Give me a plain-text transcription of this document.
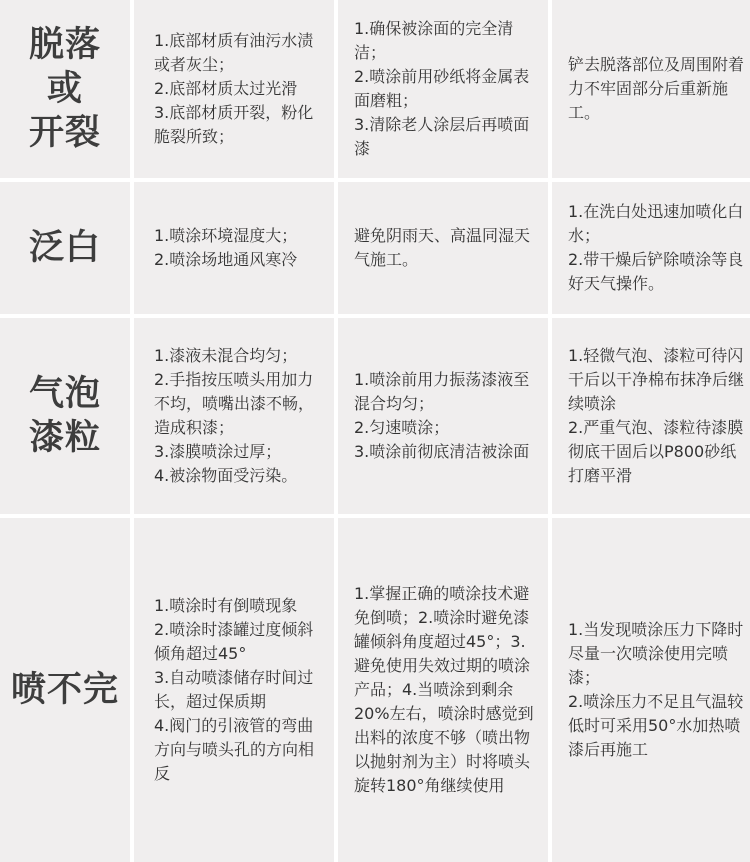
脱落
或
开裂
1.底部材质有油污水渍或者灰尘；
2.底部材质太过光滑
3.底部材质开裂，粉化脆裂所致；
1.确保被涂面的完全清洁；
2.喷涂前用砂纸将金属表面磨粗；
3.清除老人涂层后再喷面漆
铲去脱落部位及周围附着力不牢固部分后重新施工。
泛白	1.喷涂环境湿度大；
2.喷涂场地通风寒冷
避免阴雨天、高温同湿天气施工。
1.在洗白处迅速加喷化白水；
2.带干燥后铲除喷涂等良好天气操作。
气泡
漆粒
1.漆液未混合均匀；
2.手指按压喷头用加力不均，喷嘴出漆不畅，造成积漆；
3.漆膜喷涂过厚；
4.被涂物面受污染。
1.喷涂前用力振荡漆液至混合均匀；
2.匀速喷涂；
3.喷涂前彻底清洁被涂面
1.轻微气泡、漆粒可待闪干后以干净棉布抹净后继续喷涂
2.严重气泡、漆粒待漆膜彻底干固后以P800砂纸打磨平滑
喷不完
1.喷涂时有倒喷现象
2.喷涂时漆罐过度倾斜倾角超过45°
3.自动喷漆储存时间过长，超过保质期
4.阀门的引液管的弯曲方向与喷头孔的方向相反
1.掌握正确的喷涂技术避免倒喷；2.喷涂时避免漆罐倾斜角度超过45°；3.避免使用失效过期的喷涂产品；4.当喷涂到剩余20%左右，喷涂时感觉到出料的浓度不够（喷出物以抛射剂为主）时将喷头旋转180°角继续使用
1.当发现喷涂压力下降时尽量一次喷涂使用完喷漆；
2.喷涂压力不足且气温较低时可采用50°水加热喷漆后再施工
